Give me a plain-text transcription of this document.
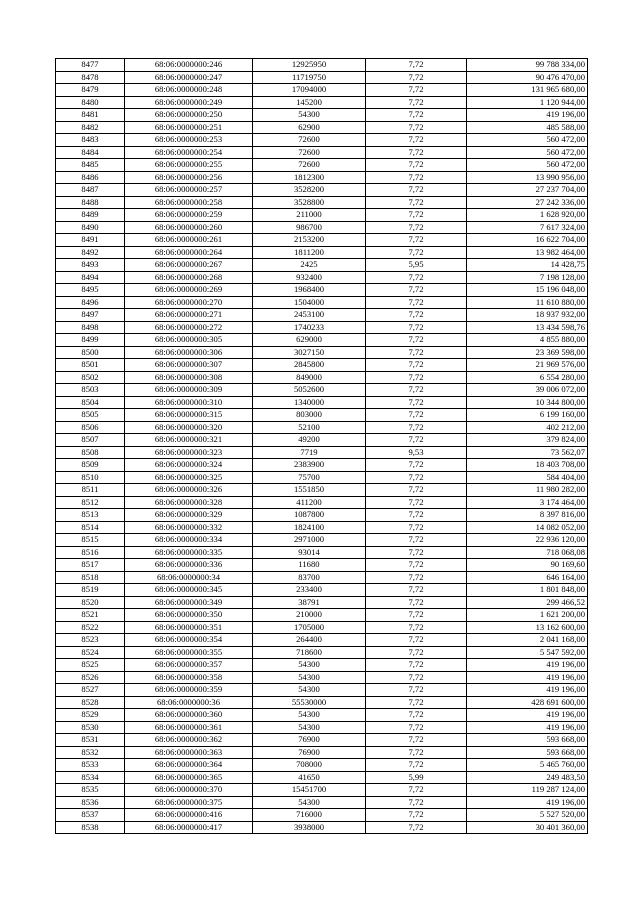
8477	68:06:0000000:246	12925950	7,72	99 788 334,00
8478	68:06:0000000:247	11719750	7,72	90 476 470,00
8479	68:06:0000000:248	17094000	7,72	131 965 680,00
8480	68:06:0000000:249	145200	7,72	1 120 944,00
8481	68:06:0000000:250	54300	7,72	419 196,00
8482	68:06:0000000:251	62900	7,72	485 588,00
8483	68:06:0000000:253	72600	7,72	560 472,00
8484	68:06:0000000:254	72600	7,72	560 472,00
8485	68:06:0000000:255	72600	7,72	560 472,00
8486	68:06:0000000:256	1812300	7,72	13 990 956,00
8487	68:06:0000000:257	3528200	7,72	27 237 704,00
8488	68:06:0000000:258	3528800	7,72	27 242 336,00
8489	68:06:0000000:259	211000	7,72	1 628 920,00
8490	68:06:0000000:260	986700	7,72	7 617 324,00
8491	68:06:0000000:261	2153200	7,72	16 622 704,00
8492	68:06:0000000:264	1811200	7,72	13 982 464,00
8493	68:06:0000000:267	2425	5,95	14 428,75
8494	68:06:0000000:268	932400	7,72	7 198 128,00
8495	68:06:0000000:269	1968400	7,72	15 196 048,00
8496	68:06:0000000:270	1504000	7,72	11 610 880,00
8497	68:06:0000000:271	2453100	7,72	18 937 932,00
8498	68:06:0000000:272	1740233	7,72	13 434 598,76
8499	68:06:0000000:305	629000	7,72	4 855 880,00
8500	68:06:0000000:306	3027150	7,72	23 369 598,00
8501	68:06:0000000:307	2845800	7,72	21 969 576,00
8502	68:06:0000000:308	849000	7,72	6 554 280,00
8503	68:06:0000000:309	5052600	7,72	39 006 072,00
8504	68:06:0000000:310	1340000	7,72	10 344 800,00
8505	68:06:0000000:315	803000	7,72	6 199 160,00
8506	68:06:0000000:320	52100	7,72	402 212,00
8507	68:06:0000000:321	49200	7,72	379 824,00
8508	68:06:0000000:323	7719	9,53	73 562,07
8509	68:06:0000000:324	2383900	7,72	18 403 708,00
8510	68:06:0000000:325	75700	7,72	584 404,00
8511	68:06:0000000:326	1551850	7,72	11 980 282,00
8512	68:06:0000000:328	411200	7,72	3 174 464,00
8513	68:06:0000000:329	1087800	7,72	8 397 816,00
8514	68:06:0000000:332	1824100	7,72	14 082 052,00
8515	68:06:0000000:334	2971000	7,72	22 936 120,00
8516	68:06:0000000:335	93014	7,72	718 068,08
8517	68:06:0000000:336	11680	7,72	90 169,60
8518	68:06:0000000:34	83700	7,72	646 164,00
8519	68:06:0000000:345	233400	7,72	1 801 848,00
8520	68:06:0000000:349	38791	7,72	299 466,52
8521	68:06:0000000:350	210000	7,72	1 621 200,00
8522	68:06:0000000:351	1705000	7,72	13 162 600,00
8523	68:06:0000000:354	264400	7,72	2 041 168,00
8524	68:06:0000000:355	718600	7,72	5 547 592,00
8525	68:06:0000000:357	54300	7,72	419 196,00
8526	68:06:0000000:358	54300	7,72	419 196,00
8527	68:06:0000000:359	54300	7,72	419 196,00
8528	68:06:0000000:36	55530000	7,72	428 691 600,00
8529	68:06:0000000:360	54300	7,72	419 196,00
8530	68:06:0000000:361	54300	7,72	419 196,00
8531	68:06:0000000:362	76900	7,72	593 668,00
8532	68:06:0000000:363	76900	7,72	593 668,00
8533	68:06:0000000:364	708000	7,72	5 465 760,00
8534	68:06:0000000:365	41650	5,99	249 483,50
8535	68:06:0000000:370	15451700	7,72	119 287 124,00
8536	68:06:0000000:375	54300	7,72	419 196,00
8537	68:06:0000000:416	716000	7,72	5 527 520,00
8538	68:06:0000000:417	3938000	7,72	30 401 360,00
